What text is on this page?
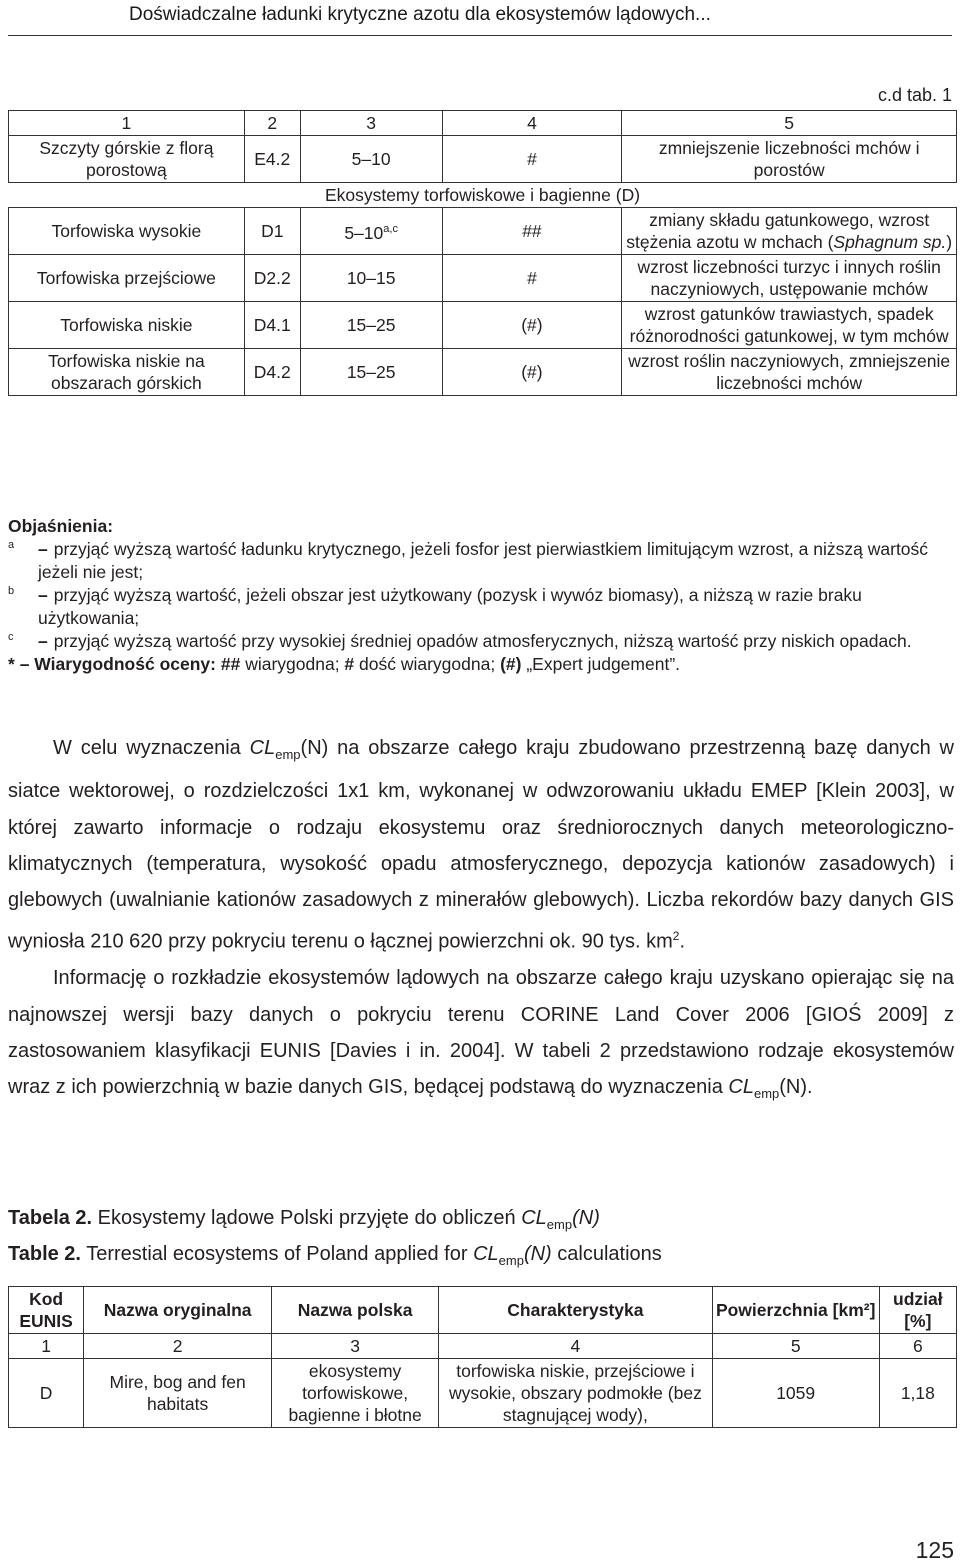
Doświadczalne ładunki krytyczne azotu dla ekosystemów lądowych...
c.d tab. 1
1	2	3	4	5
Szczyty górskie z florą porostową	E4.2	5–10	#	zmniejszenie liczebności mchów i porostów
Ekosystemy torfowiskowe i bagienne (D)				
Torfowiska wysokie	D1	5–10$^{a,c}$	##	zmiany składu gatunkowego, wzrost stężenia azotu w mchach (Sphagnum sp.)
Torfowiska przejściowe	D2.2	10–15	#	wzrost liczebności turzyc i innych roślin naczyniowych, ustępowanie mchów
Torfowiska niskie	D4.1	15–25	(#)	wzrost gatunków trawiastych, spadek różnorodności gatunkowej, w tym mchów
Torfowiska niskie na obszarach górskich	D4.2	15–25	(#)	wzrost roślin naczyniowych, zmniejszenie liczebności mchów
Objaśnienia:
a – przyjąć wyższą wartość ładunku krytycznego, jeżeli fosfor jest pierwiastkiem limitującym wzrost, a niższą wartość jeżeli nie jest;
b – przyjąć wyższą wartość, jeżeli obszar jest użytkowany (pozysk i wywóz biomasy), a niższą w razie braku użytkowania;
c – przyjąć wyższą wartość przy wysokiej średniej opadów atmosferycznych, niższą wartość przy niskich opadach.
* – Wiarygodność oceny: ## wiarygodna; # dość wiarygodna; (#) „Expert judgement”.

W celu wyznaczenia $CL_{emp}(N)$ na obszarze całego kraju zbudowano przestrzenną bazę danych w siatce wektorowej, o rozdzielczości 1x1 km, wykonanej w odwzorowaniu układu EMEP [Klein 2003], w której zawarto informacje o rodzaju ekosystemu oraz średniorocznych danych meteorologiczno-klimatycznych (temperatura, wysokość opadu atmosferycznego, depozycja kationów zasadowych) i glebowych (uwalnianie kationów zasadowych z minerałów glebowych). Liczba rekordów bazy danych GIS wyniosła 210 620 przy pokryciu terenu o łącznej powierzchni ok. 90 tys. $km^2$.

Informację o rozkładzie ekosystemów lądowych na obszarze całego kraju uzyskano opierając się na najnowszej wersji bazy danych o pokryciu terenu CORINE Land Cover 2006 [GIOŚ 2009] z zastosowaniem klasyfikacji EUNIS [Davies i in. 2004]. W tabeli 2 przedstawiono rodzaje ekosystemów wraz z ich powierzchnią w bazie danych GIS, będącej podstawą do wyznaczenia $CL_{emp}(N)$.

Tabela 2. Ekosystemy lądowe Polski przyjęte do obliczeń $CL_{emp}(N)$
Table 2. Terrestial ecosystems of Poland applied for $CL_{emp}(N)$ calculations
Kod EUNIS	Nazwa oryginalna	Nazwa polska	Charakterystyka	Powierzchnia [km²]	udział [%]
1	2	3	4	5	6
D	Mire, bog and fen habitats	ekosystemy torfowiskowe, bagienne i błotne	torfowiska niskie, przejściowe i wysokie, obszary podmokłe (bez stagnującej wody),	1059	1,18
125
